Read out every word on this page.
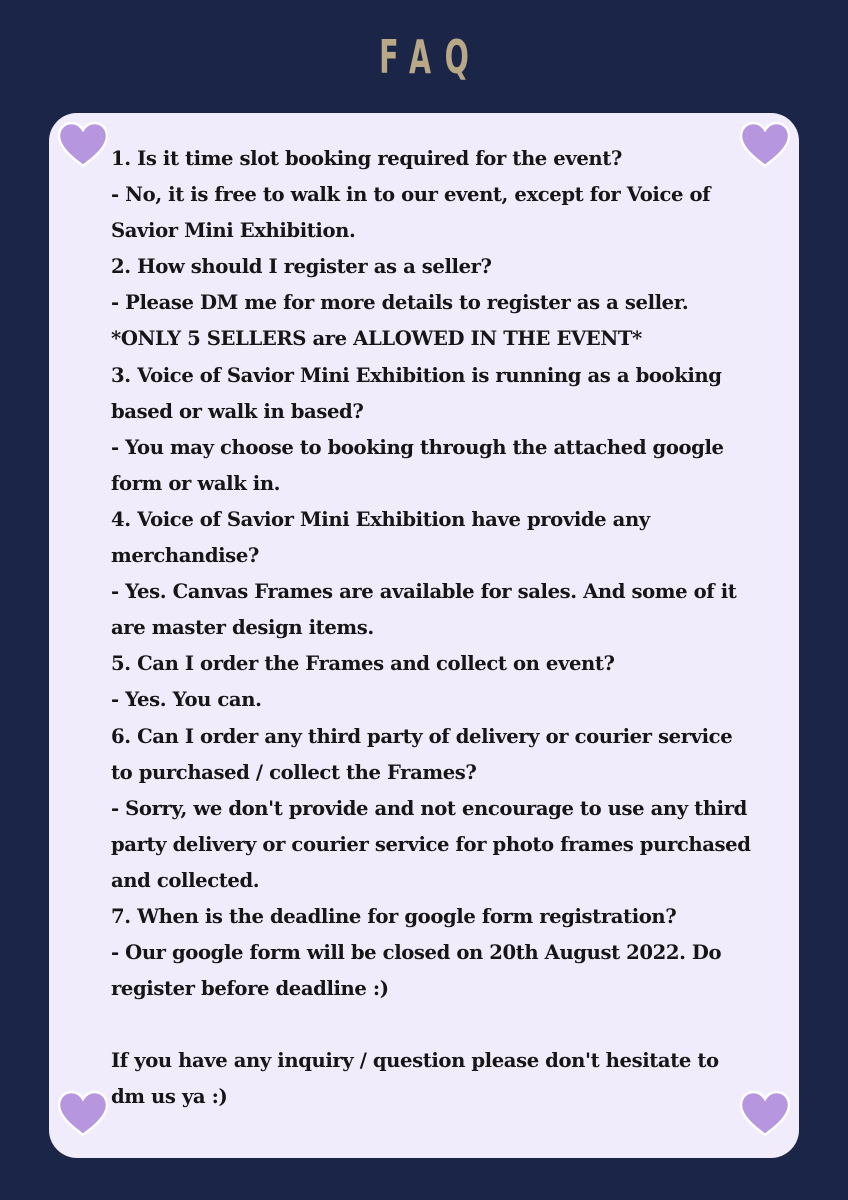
FAQ
1. Is it time slot booking required for the event?
- No, it is free to walk in to our event, except for Voice of
Savior Mini Exhibition.
2. How should I register as a seller?
- Please DM me for more details to register as a seller.
*ONLY 5 SELLERS are ALLOWED IN THE EVENT*
3. Voice of Savior Mini Exhibition is running as a booking
based or walk in based?
- You may choose to booking through the attached google
form or walk in.
4. Voice of Savior Mini Exhibition have provide any
merchandise?
- Yes. Canvas Frames are available for sales. And some of it
are master design items.
5. Can I order the Frames and collect on event?
- Yes. You can.
6. Can I order any third party of delivery or courier service
to purchased / collect the Frames?
- Sorry, we don't provide and not encourage to use any third
party delivery or courier service for photo frames purchased
and collected.
7. When is the deadline for google form registration?
- Our google form will be closed on 20th August 2022. Do
register before deadline :)
If you have any inquiry / question please don't hesitate to
dm us ya :)
